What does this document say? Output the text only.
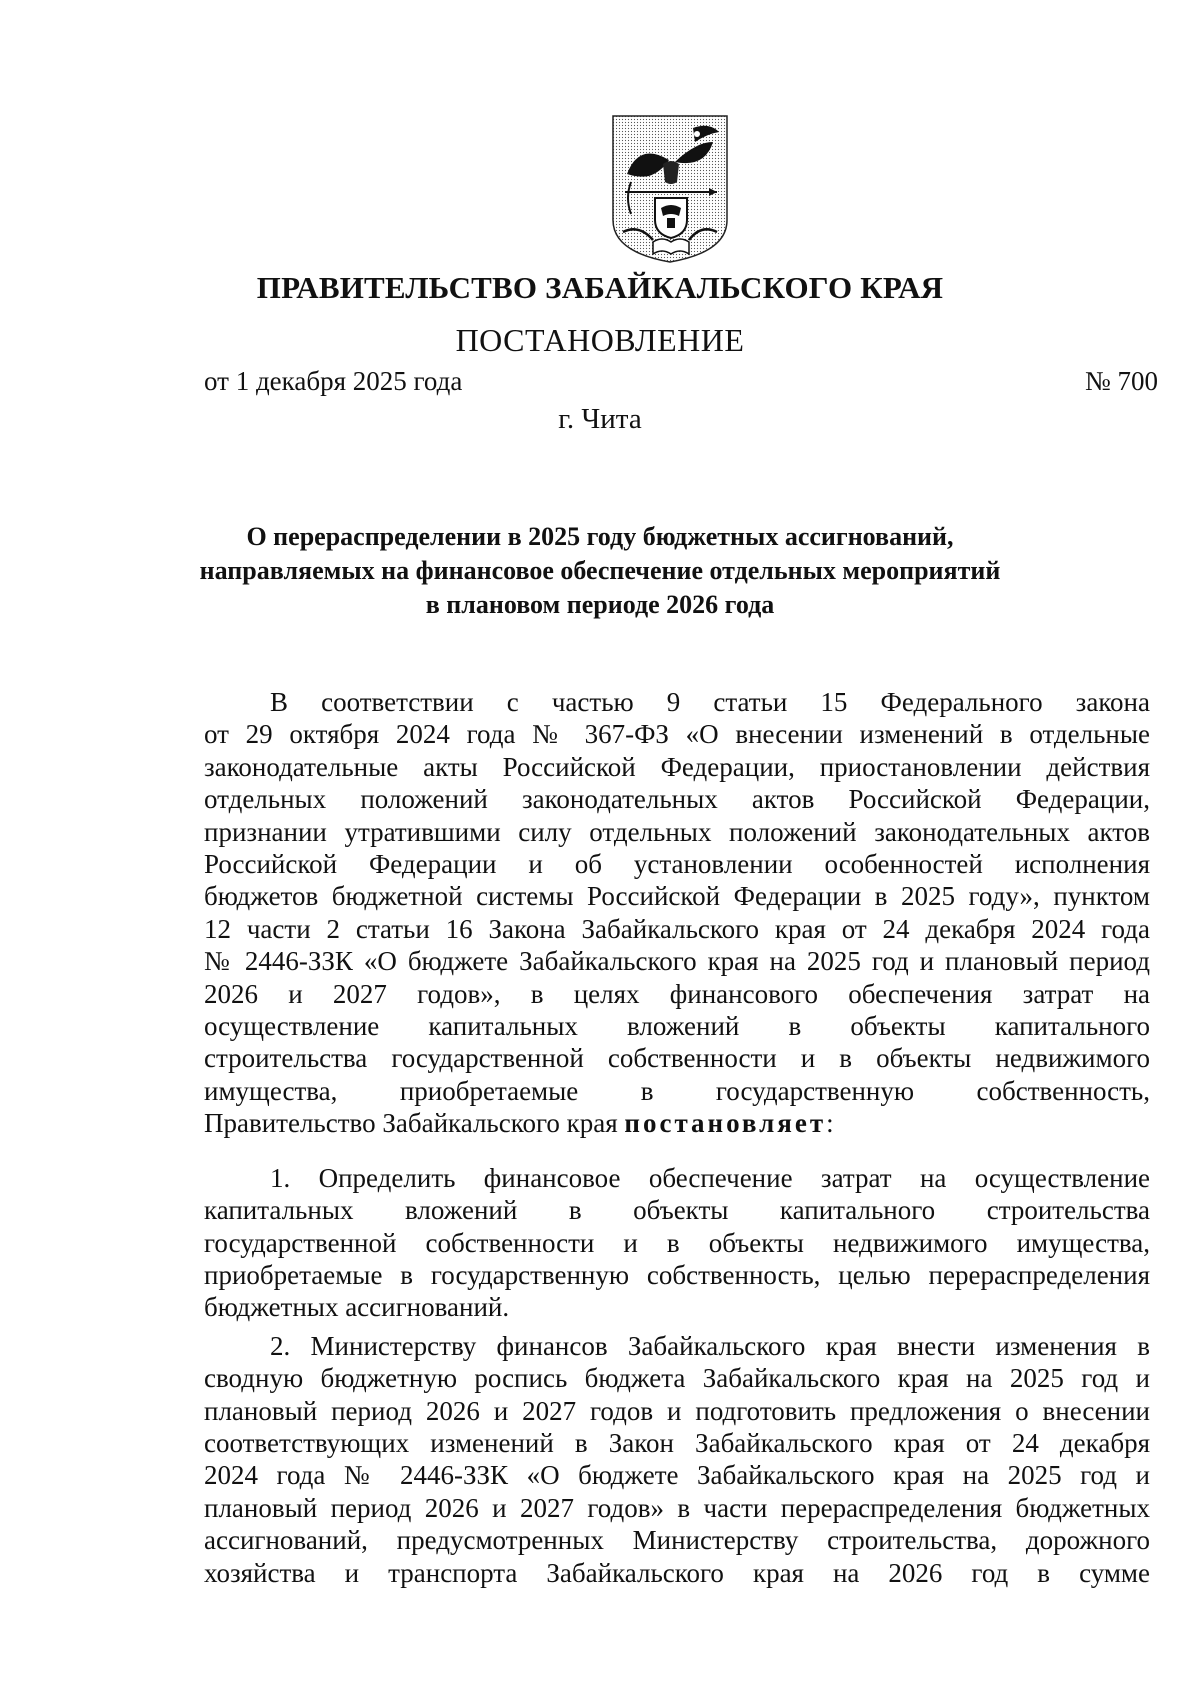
ПРАВИТЕЛЬСТВО ЗАБАЙКАЛЬСКОГО КРАЯ
ПОСТАНОВЛЕНИЕ
от 1 декабря 2025 года	№ 700
г. Чита
О перераспределении в 2025 году бюджетных ассигнований,
направляемых на финансовое обеспечение отдельных мероприятий
в плановом периоде 2026 года
В соответствии с частью 9 статьи 15 Федерального закона
от 29 октября 2024 года № 367-ФЗ «О внесении изменений в отдельные
законодательные акты Российской Федерации, приостановлении действия
отдельных положений законодательных актов Российской Федерации,
признании утратившими силу отдельных положений законодательных актов
Российской Федерации и об установлении особенностей исполнения
бюджетов бюджетной системы Российской Федерации в 2025 году», пунктом
12 части 2 статьи 16 Закона Забайкальского края от 24 декабря 2024 года
№ 2446-ЗЗК «О бюджете Забайкальского края на 2025 год и плановый период
2026 и 2027 годов», в целях финансового обеспечения затрат на
осуществление капитальных вложений в объекты капитального
строительства государственной собственности и в объекты недвижимого
имущества, приобретаемые в государственную собственность,
Правительство Забайкальского края постановляет:
1. Определить финансовое обеспечение затрат на осуществление
капитальных вложений в объекты капитального строительства
государственной собственности и в объекты недвижимого имущества,
приобретаемые в государственную собственность, целью перераспределения
бюджетных ассигнований.
2. Министерству финансов Забайкальского края внести изменения в
сводную бюджетную роспись бюджета Забайкальского края на 2025 год и
плановый период 2026 и 2027 годов и подготовить предложения о внесении
соответствующих изменений в Закон Забайкальского края от 24 декабря
2024 года № 2446-ЗЗК «О бюджете Забайкальского края на 2025 год и
плановый период 2026 и 2027 годов» в части перераспределения бюджетных
ассигнований, предусмотренных Министерству строительства, дорожного
хозяйства и транспорта Забайкальского края на 2026 год в сумме
